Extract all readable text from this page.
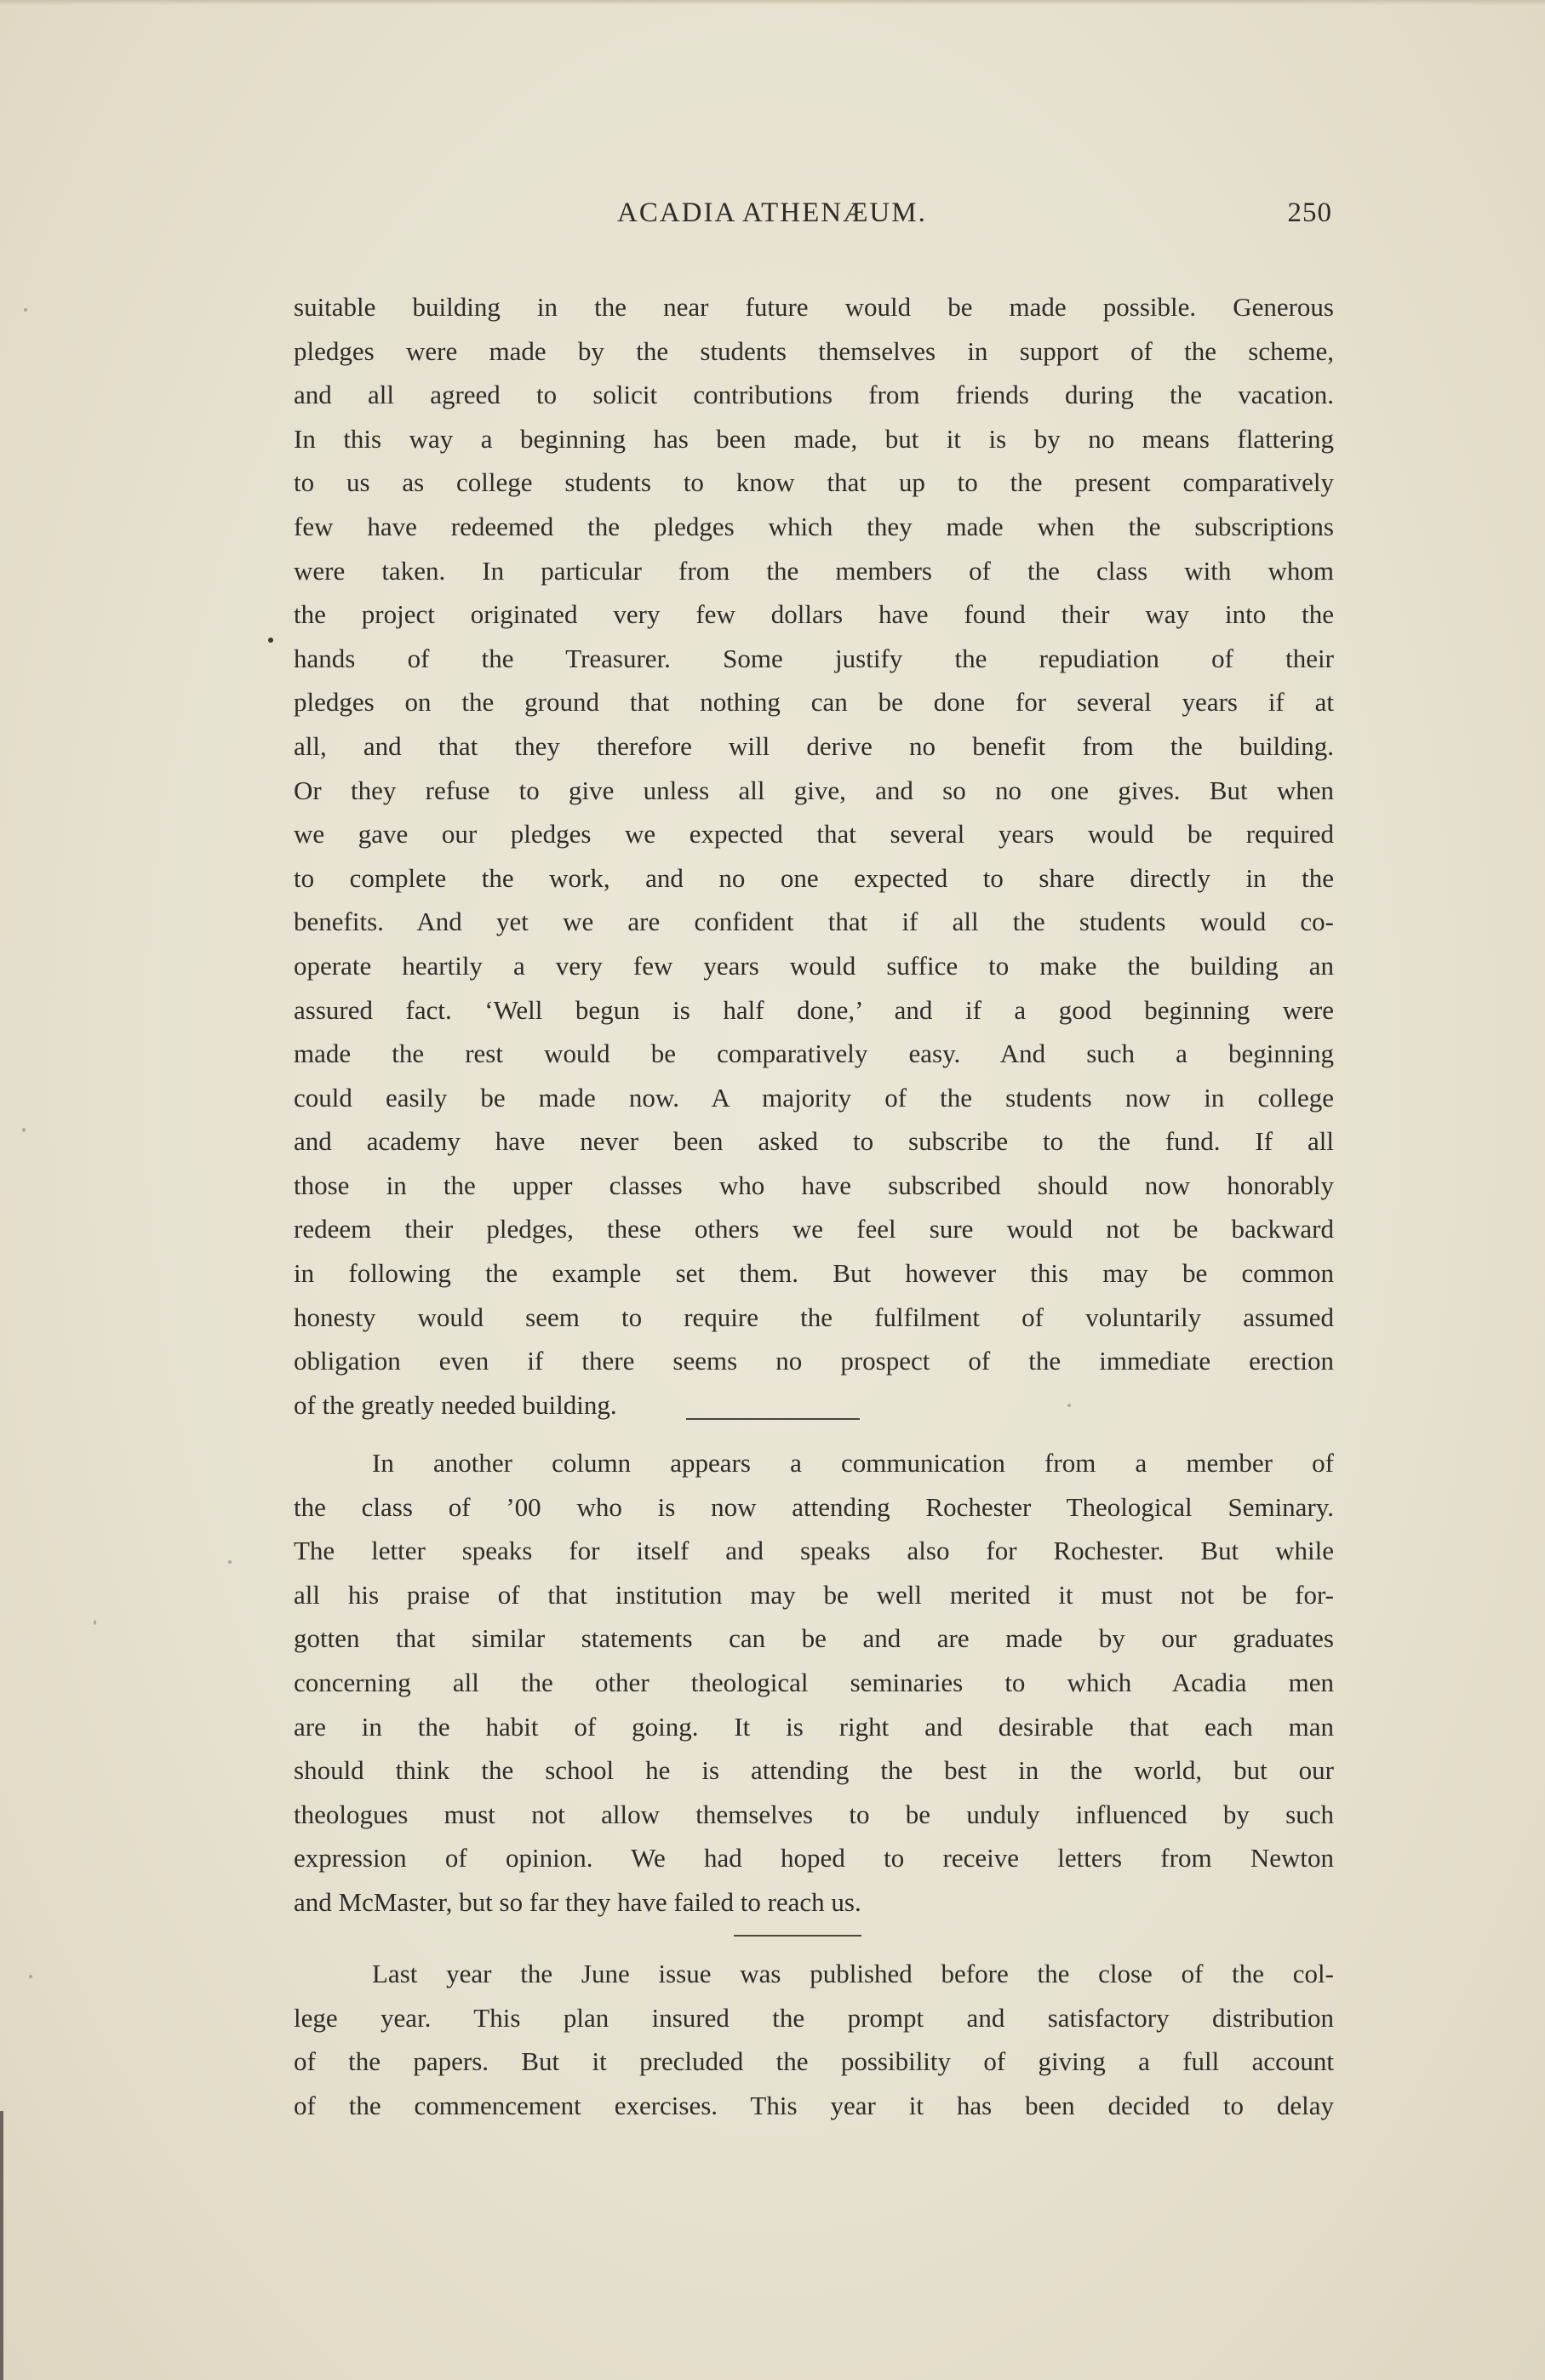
ACADIA ATHENÆUM.	250
suitable building in the near future would be made possible. Generous
pledges were made by the students themselves in support of the scheme,
and all agreed to solicit contributions from friends during the vacation.
In this way a beginning has been made, but it is by no means flattering
to us as college students to know that up to the present comparatively
few have redeemed the pledges which they made when the subscriptions
were taken. In particular from the members of the class with whom
the project originated very few dollars have found their way into the
hands of the Treasurer. Some justify the repudiation of their
pledges on the ground that nothing can be done for several years if at
all, and that they therefore will derive no benefit from the building.
Or they refuse to give unless all give, and so no one gives. But when
we gave our pledges we expected that several years would be required
to complete the work, and no one expected to share directly in the
benefits. And yet we are confident that if all the students would co-
operate heartily a very few years would suffice to make the building an
assured fact. ‘Well begun is half done,’ and if a good beginning were
made the rest would be comparatively easy. And such a beginning
could easily be made now. A majority of the students now in college
and academy have never been asked to subscribe to the fund. If all
those in the upper classes who have subscribed should now honorably
redeem their pledges, these others we feel sure would not be backward
in following the example set them. But however this may be common
honesty would seem to require the fulfilment of voluntarily assumed
obligation even if there seems no prospect of the immediate erection
of the greatly needed building.
In another column appears a communication from a member of
the class of ’00 who is now attending Rochester Theological Seminary.
The letter speaks for itself and speaks also for Rochester. But while
all his praise of that institution may be well merited it must not be for-
gotten that similar statements can be and are made by our graduates
concerning all the other theological seminaries to which Acadia men
are in the habit of going. It is right and desirable that each man
should think the school he is attending the best in the world, but our
theologues must not allow themselves to be unduly influenced by such
expression of opinion. We had hoped to receive letters from Newton
and McMaster, but so far they have failed to reach us.
Last year the June issue was published before the close of the col-
lege year. This plan insured the prompt and satisfactory distribution
of the papers. But it precluded the possibility of giving a full account
of the commencement exercises. This year it has been decided to delay
